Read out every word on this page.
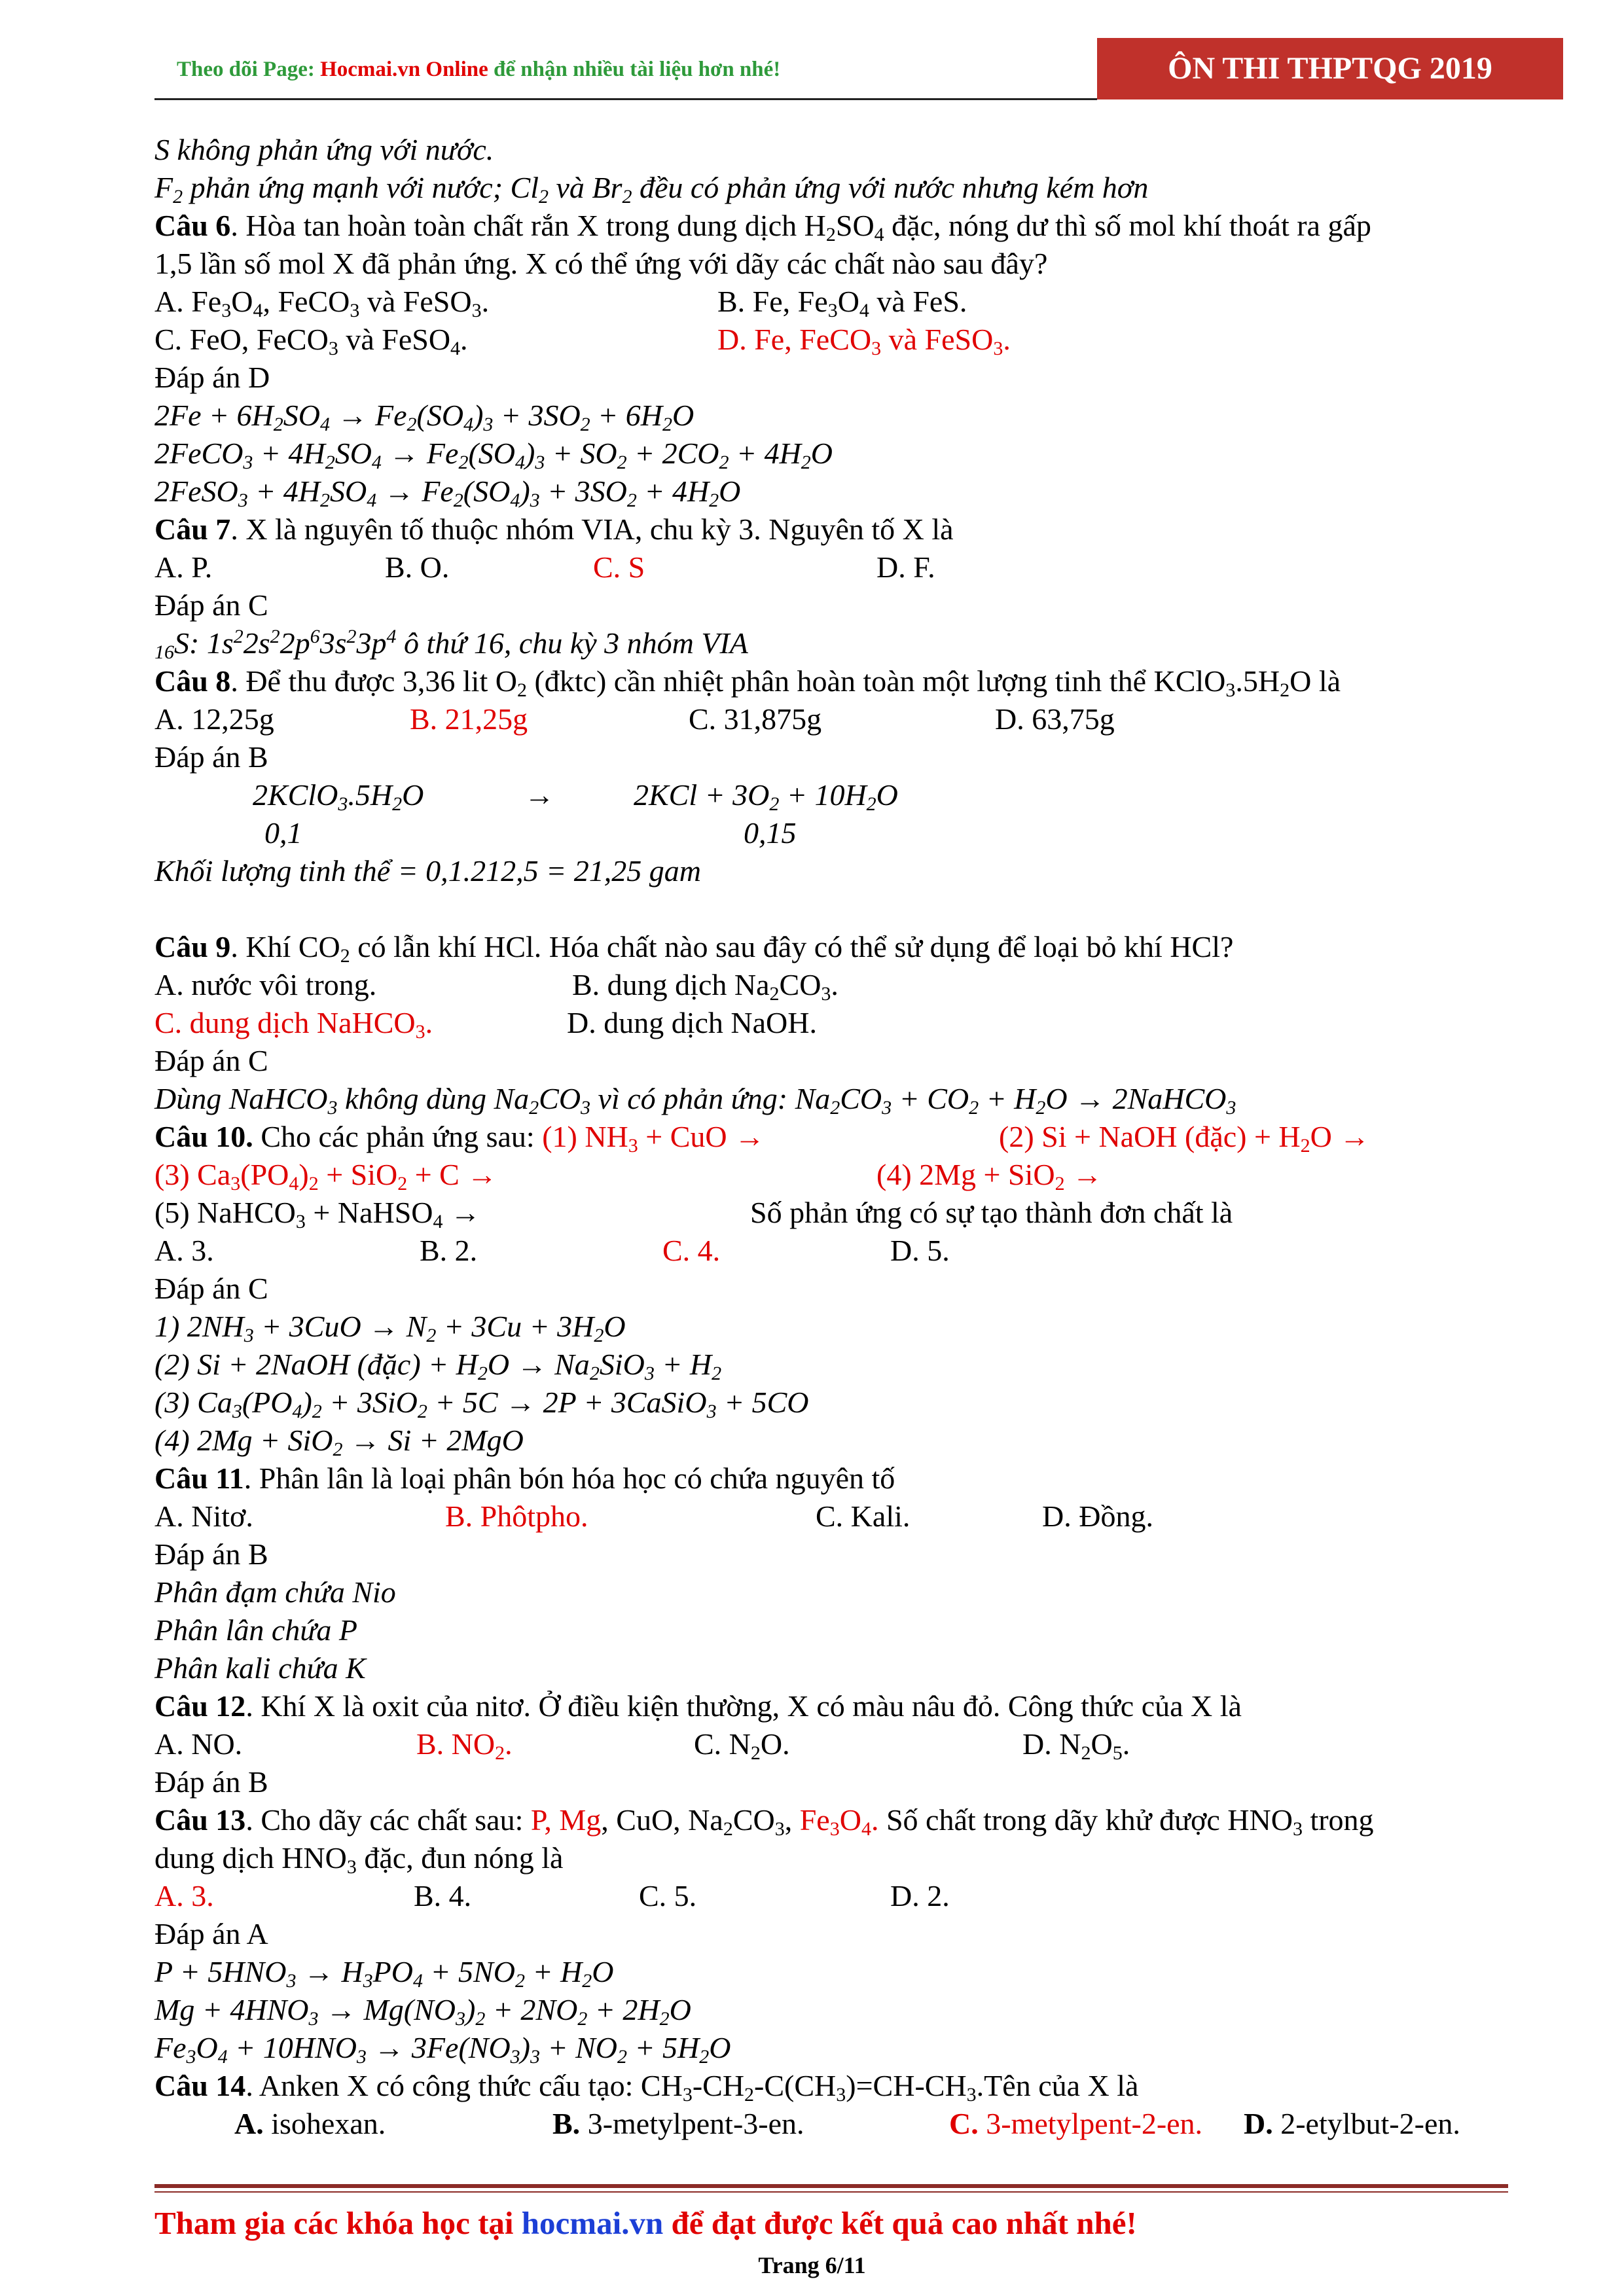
Theo dõi Page: Hocmai.vn Online để nhận nhiều tài liệu hơn nhé!	ÔN THI THPTQG 2019
S không phản ứng với nước.
$F_2$ phản ứng mạnh với nước; $Cl_2$ và $Br_2$ đều có phản ứng với nước nhưng kém hơn
Câu 6. Hòa tan hoàn toàn chất rắn X trong dung dịch $H_2SO_4$ đặc, nóng dư thì số mol khí thoát ra gấp
1,5 lần số mol X đã phản ứng. X có thể ứng với dãy các chất nào sau đây?
A. $Fe_3O_4$, FeCO$_3$ và FeSO$_3$.	B. Fe, $Fe_3O_4$ và FeS.
C. FeO, FeCO$_3$ và FeSO$_4$.	D. Fe, FeCO$_3$ và FeSO$_3$.
Đáp án D
$2Fe + 6H_2SO_4 \to Fe_2(SO_4)_3 + 3SO_2 + 6H_2O$
2FeCO$_3$ + $4H_2SO_4 \to Fe_2(SO_4)_3 + SO_2 + 2CO_2 + 4H_2O$
2FeSO$_3$ + $4H_2SO_4 \to Fe_2(SO_4)_3 + 3SO_2 + 4H_2O$
Câu 7. X là nguyên tố thuộc nhóm VIA, chu kỳ 3. Nguyên tố X là
A. P.	B. O.	C. S	D. F.
Đáp án C
$_{16}$S: $1s^22s^22p^63s^23p^4$ ô thứ 16, chu kỳ 3 nhóm VIA
Câu 8. Để thu được 3,36 lit $O_2$ (đktc) cần nhiệt phân hoàn toàn một lượng tinh thể $KClO_3.5H_2O$ là
A. 12,25g	B. 21,25g	C. 31,875g	D. 63,75g
Đáp án B
$2KClO_3.5H_2O$	→	$2KCl + 3O_2 + 10H_2O$
0,1	0,15
Khối lượng tinh thể = 0,1.212,5 = 21,25 gam
Câu 9. Khí $CO_2$ có lẫn khí HCl. Hóa chất nào sau đây có thể sử dụng để loại bỏ khí HCl?
A. nước vôi trong.	B. dung dịch $Na_2CO_3$.
C. dung dịch NaHCO$_3$.	D. dung dịch NaOH.
Đáp án C
Dùng NaHCO$_3$ không dùng $Na_2CO_3$ vì có phản ứng: $Na_2CO_3 + CO_2 + H_2O$ → 2NaHCO$_3$
Câu 10. Cho các phản ứng sau: (1) $NH_3$ + CuO →	(2) Si + NaOH (đặc) + $H_2O$ →
(3) $Ca_3(PO_4)_2 + SiO_2 + C$ →	(4) 2Mg + SiO$_2$ →
(5) NaHCO$_3$ + NaHSO$_4$ →	Số phản ứng có sự tạo thành đơn chất là
A. 3.	B. 2.	C. 4.	D. 5.
Đáp án C
1) $2NH_3 + 3CuO \to N_2 + 3Cu + 3H_2O$
(2) Si + 2NaOH (đặc) + $H_2O \to Na_2SiO_3 + H_2$
(3) $Ca_3(PO_4)_2 + 3SiO_2 + 5C \to 2P$ + 3CaSiO$_3$ + 5CO
(4) 2Mg + SiO$_2$ → Si + 2MgO
Câu 11. Phân lân là loại phân bón hóa học có chứa nguyên tố
A. Nitơ.	B. Phôtpho.	C. Kali.	D. Đồng.
Đáp án B
Phân đạm chứa Nio
Phân lân chứa P
Phân kali chứa K
Câu 12. Khí X là oxit của nitơ. Ở điều kiện thường, X có màu nâu đỏ. Công thức của X là
A. NO.	B. $NO_2$.	C. $N_2O$.	D. $N_2O_5$.
Đáp án B
Câu 13. Cho dãy các chất sau: P, Mg, CuO, $Na_2CO_3$, $Fe_3O_4$. Số chất trong dãy khử được $HNO_3$ trong
dung dịch $HNO_3$ đặc, đun nóng là
A. 3.	B. 4.	C. 5.	D. 2.
Đáp án A
$P + 5HNO_3 \to H_3PO_4 + 5NO_2 + H_2O$
$Mg + 4HNO_3 \to Mg(NO_3)_2 + 2NO_2 + 2H_2O$
$Fe_3O_4 + 10HNO_3 \to 3Fe(NO_3)_3 + NO_2 + 5H_2O$
Câu 14. Anken X có công thức cấu tạo: $CH_3-CH_2-C(CH_3)=CH-CH_3.Tên$ của X là
A. isohexan.	B. 3-metylpent-3-en.	C. 3-metylpent-2-en. D. 2-etylbut-2-en.
Tham gia các khóa học tại hocmai.vn để đạt được kết quả cao nhất nhé!
Trang 6/11
